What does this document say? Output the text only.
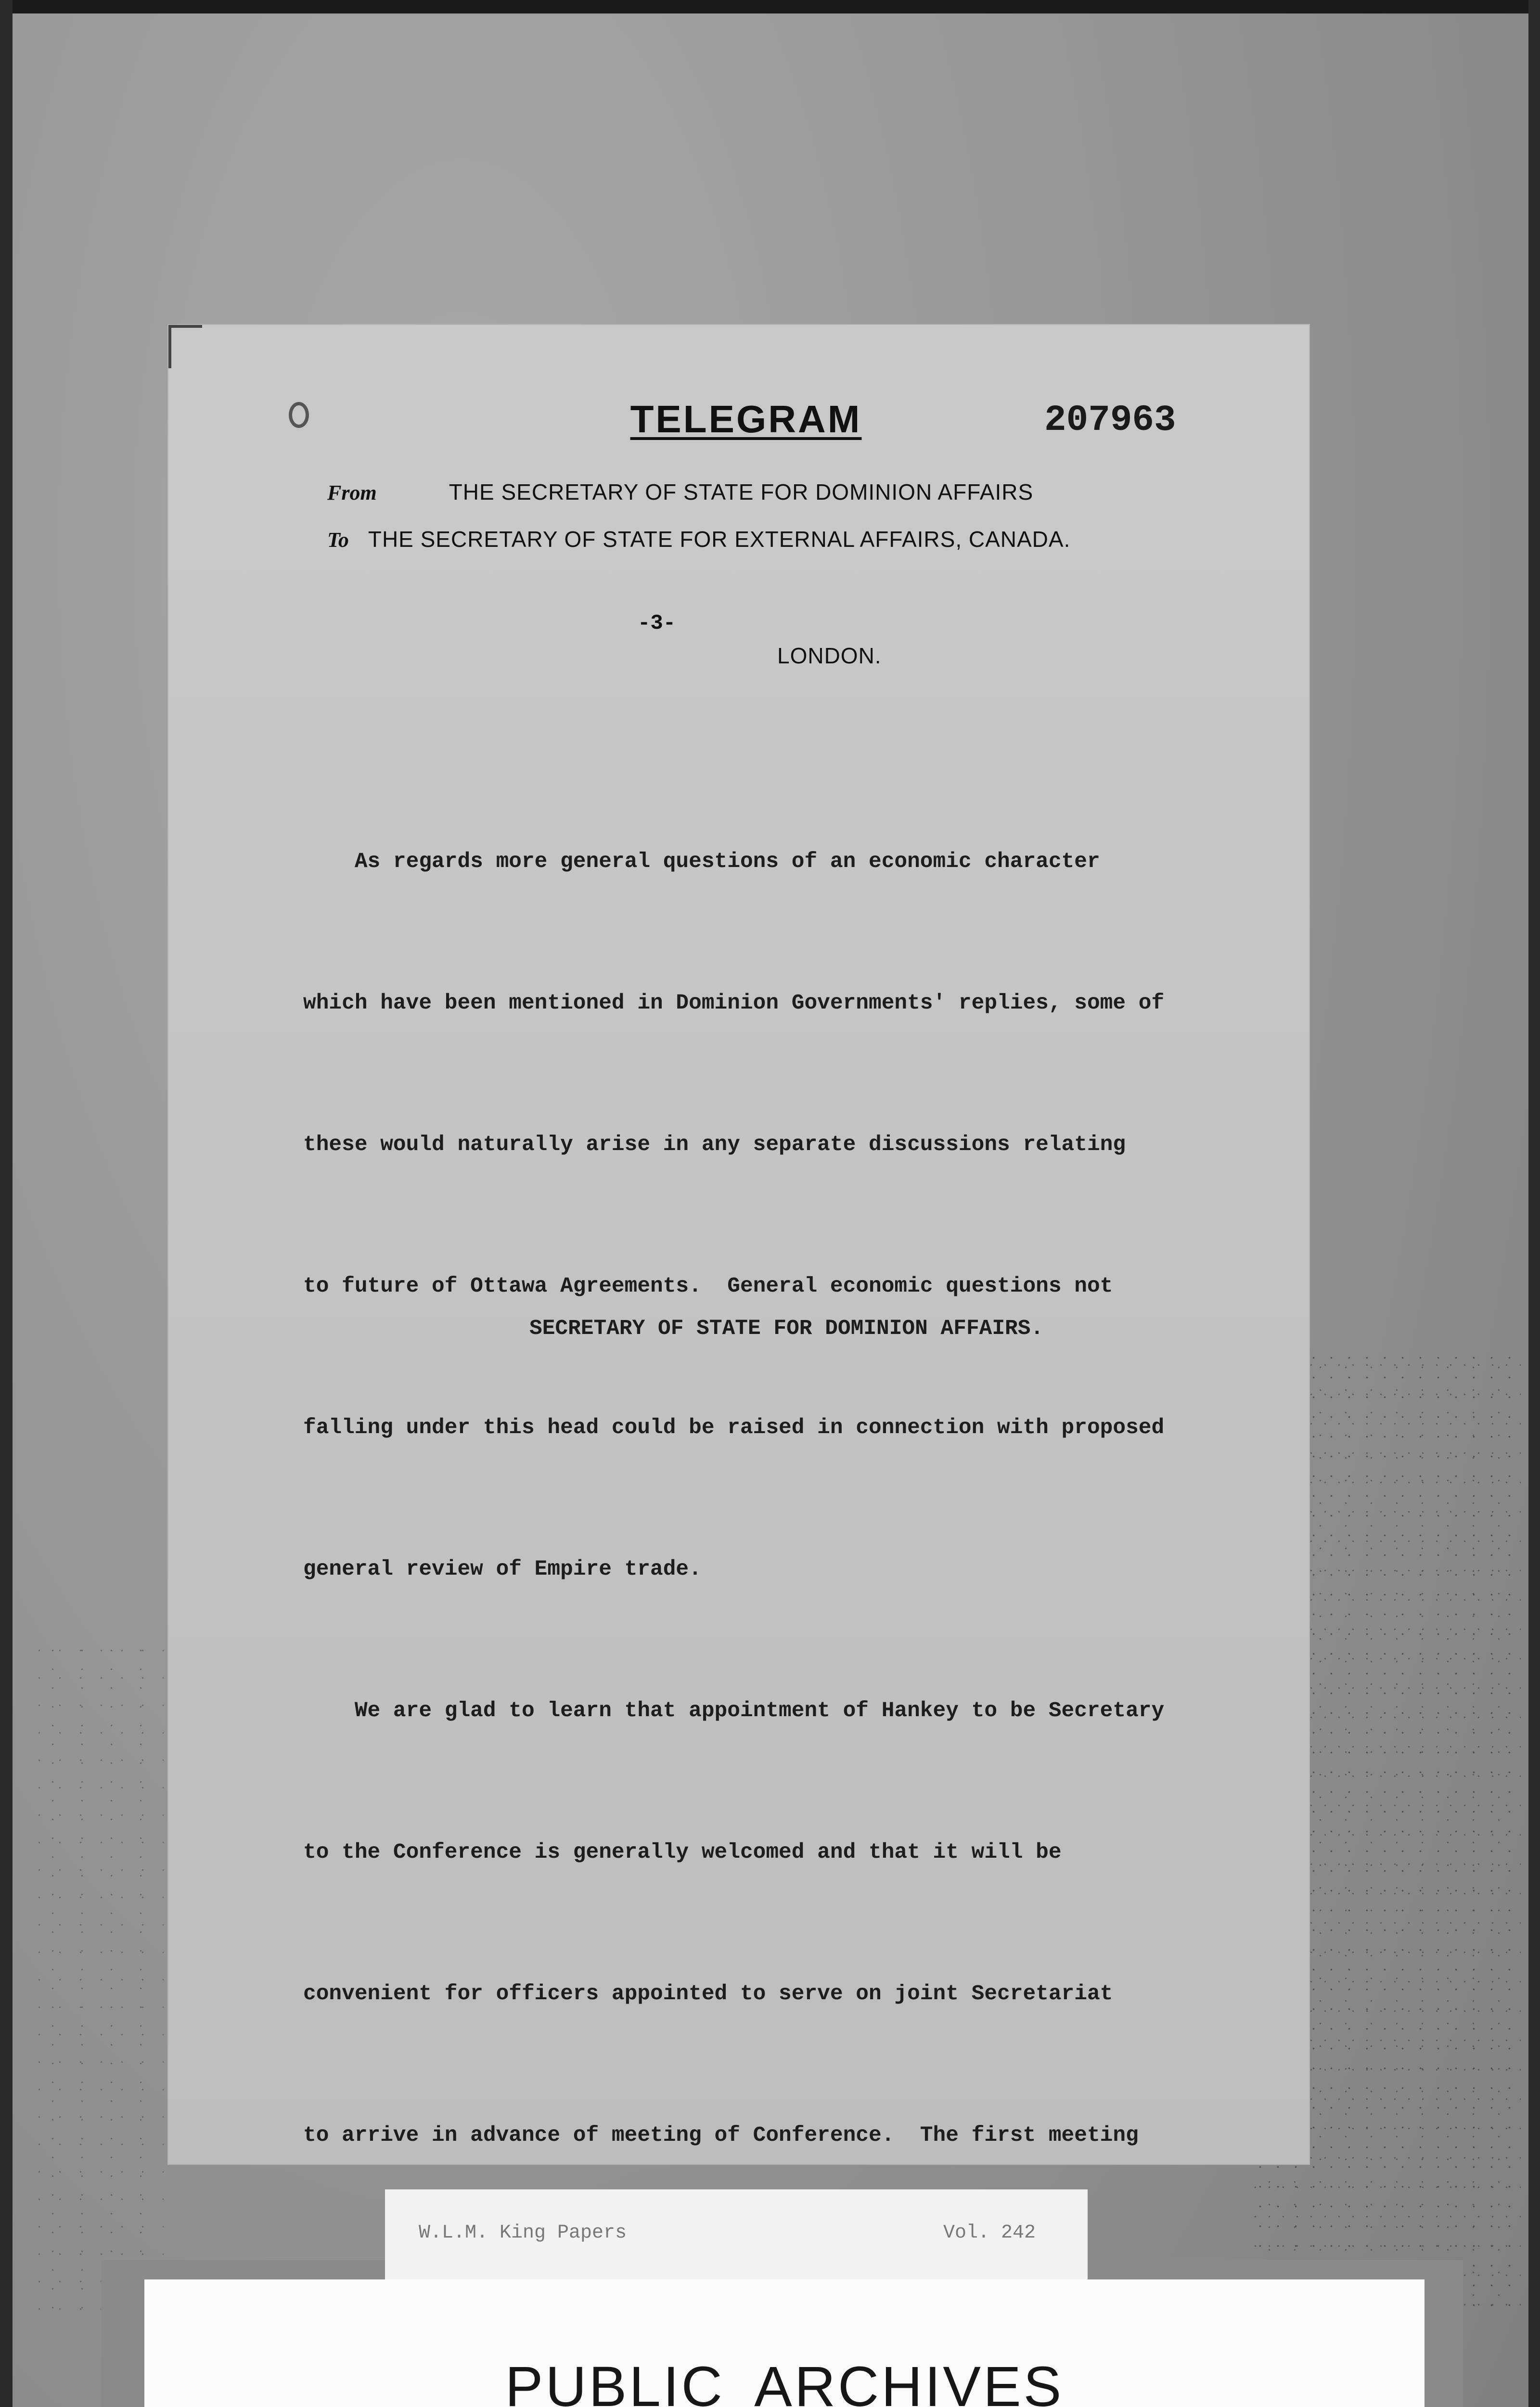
TELEGRAM	207963
From	THE SECRETARY OF STATE FOR DOMINION AFFAIRS
To THE SECRETARY OF STATE FOR EXTERNAL AFFAIRS, CANADA.
-3-
LONDON.

As regards more general questions of an economic character

which have been mentioned in Dominion Governments' replies, some of

these would naturally arise in any separate discussions relating

to future of Ottawa Agreements.  General economic questions not

falling under this head could be raised in connection with proposed

general review of Empire trade.

We are glad to learn that appointment of Hankey to be Secretary

to the Conference is generally welcomed and that it will be

convenient for officers appointed to serve on joint Secretariat

to arrive in advance of meeting of Conference.  The first meeting

SECRETARY OF STATE FOR DOMINION AFFAIRS.
W.L.M. King Papers	Vol. 242
PUBLIC ARCHIVES
